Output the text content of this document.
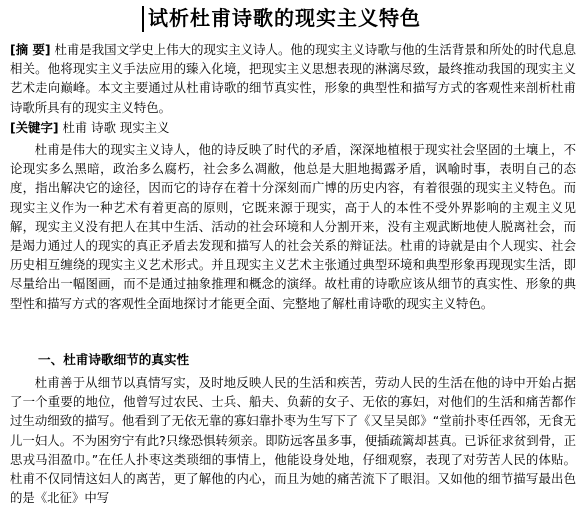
试析杜甫诗歌的现实主义特色

[摘 要] 杜甫是我国文学史上伟大的现实主义诗人。他的现实主义诗歌与他的生活背景和所处的时代息息相关。他将现实主义手法应用的臻入化境，把现实主义思想表现的淋漓尽致，最终推动我国的现实主义艺术走向巅峰。本文主要通过从杜甫诗歌的细节真实性，形象的典型性和描写方式的客观性来剖析杜甫诗歌所具有的现实主义特色。

[关键字] 杜甫 诗歌 现实主义

杜甫是伟大的现实主义诗人，他的诗反映了时代的矛盾，深深地植根于现实社会坚固的土壤上，不论现实多么黑暗，政治多么腐朽，社会多么凋敝，他总是大胆地揭露矛盾，讽喻时事，表明自己的态度，指出解决它的途径，因而它的诗存在着十分深刻而广博的历史内容，有着很强的现实主义特色。而现实主义作为一种艺术有着更高的原则，它既来源于现实，高于人的本性不受外界影响的主观主义见解，现实主义没有把人在其中生活、活动的社会环境和人分割开来，没有主观武断地使人脱离社会，而是竭力通过人的现实的真正矛盾去发现和描写人的社会关系的辩证法。杜甫的诗就是由个人现实、社会历史相互缠绕的现实主义艺术形式。并且现实主义艺术主张通过典型环境和典型形象再现现实生活，即尽量给出一幅图画，而不是通过抽象推理和概念的演绎。故杜甫的诗歌应该从细节的真实性、形象的典型性和描写方式的客观性全面地探讨才能更全面、完整地了解杜甫诗歌的现实主义特色。

一、杜甫诗歌细节的真实性

杜甫善于从细节以真情写实，及时地反映人民的生活和疾苦，劳动人民的生活在他的诗中开始占据了一个重要的地位，他曾写过农民、士兵、船夫、负薪的女子、无依的寡妇，对他们的生活和痛苦都作过生动细致的描写。他看到了无依无靠的寡妇靠扑枣为生写下了《又呈吴郎》“堂前扑枣任西邻，无食无儿一妇人。不为困穷宁有此?只缘恐惧转须亲。即防远客虽多事，便插疏篱却甚真。已诉征求贫到骨，正思戎马泪盈巾。”在任人扑枣这类琐细的事情上，他能设身处地，仔细观察，表现了对劳苦人民的体贴。杜甫不仅同情这妇人的离苦，更了解他的内心，而且为她的痛苦流下了眼泪。又如他的细节描写最出色的是《北征》中写
